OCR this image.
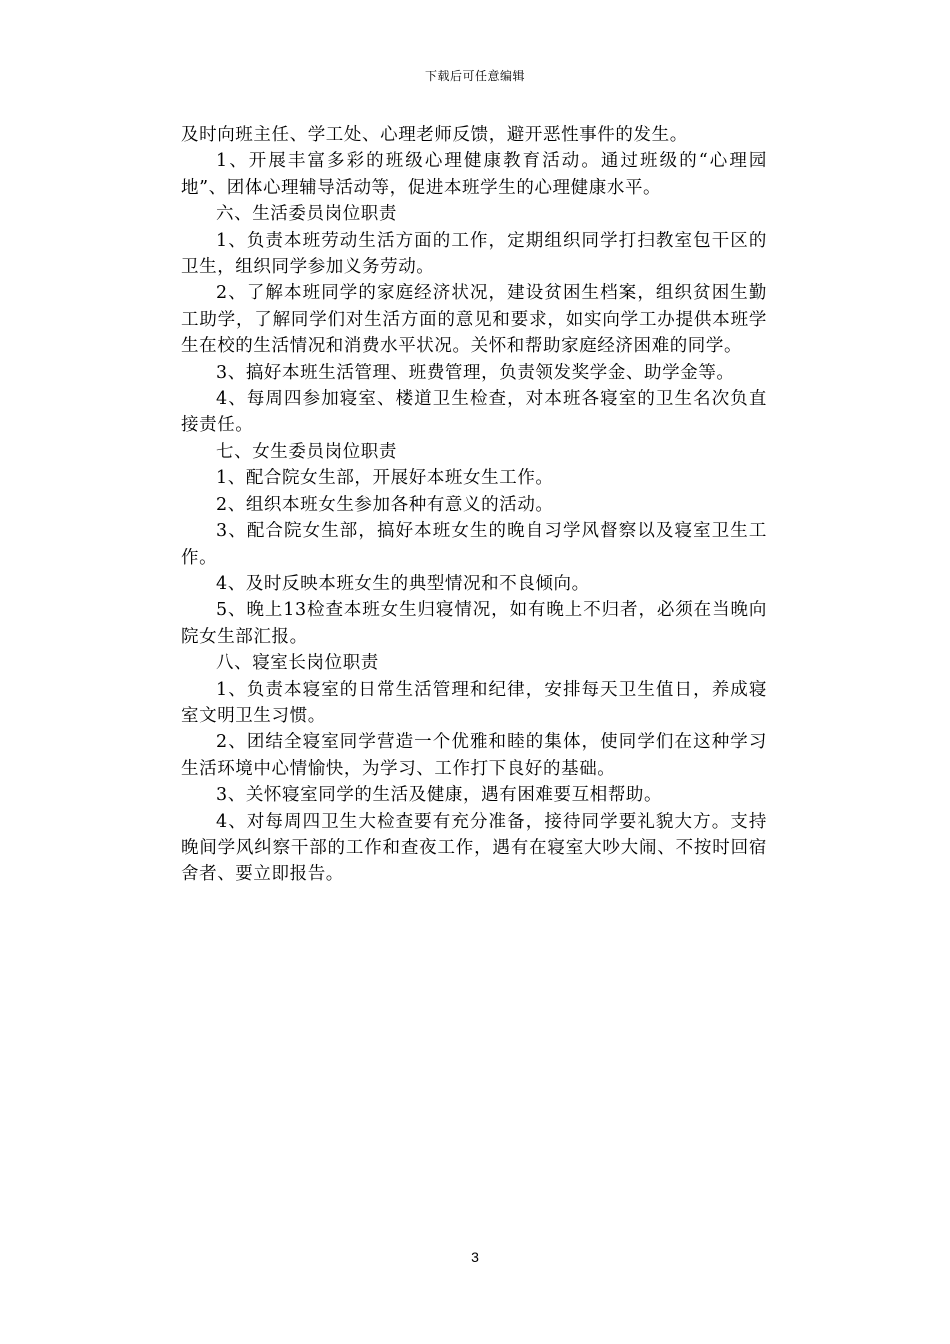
下载后可任意编辑

及时向班主任、学工处、心理老师反馈，避开恶性事件的发生。

1、开展丰富多彩的班级心理健康教育活动。通过班级的“心理园地”、团体心理辅导活动等，促进本班学生的心理健康水平。

六、生活委员岗位职责

1、负责本班劳动生活方面的工作，定期组织同学打扫教室包干区的卫生，组织同学参加义务劳动。

2、了解本班同学的家庭经济状况，建设贫困生档案，组织贫困生勤工助学，了解同学们对生活方面的意见和要求，如实向学工办提供本班学生在校的生活情况和消费水平状况。关怀和帮助家庭经济困难的同学。

3、搞好本班生活管理、班费管理，负责领发奖学金、助学金等。

4、每周四参加寝室、楼道卫生检查，对本班各寝室的卫生名次负直接责任。

七、女生委员岗位职责

1、配合院女生部，开展好本班女生工作。

2、组织本班女生参加各种有意义的活动。

3、配合院女生部，搞好本班女生的晚自习学风督察以及寝室卫生工作。

4、及时反映本班女生的典型情况和不良倾向。

5、晚上13检查本班女生归寝情况，如有晚上不归者，必须在当晚向院女生部汇报。

八、寝室长岗位职责

1、负责本寝室的日常生活管理和纪律，安排每天卫生值日，养成寝室文明卫生习惯。

2、团结全寝室同学营造一个优雅和睦的集体，使同学们在这种学习生活环境中心情愉快，为学习、工作打下良好的基础。

3、关怀寝室同学的生活及健康，遇有困难要互相帮助。

4、对每周四卫生大检查要有充分准备，接待同学要礼貌大方。支持晚间学风纠察干部的工作和查夜工作，遇有在寝室大吵大闹、不按时回宿舍者、要立即报告。

3
